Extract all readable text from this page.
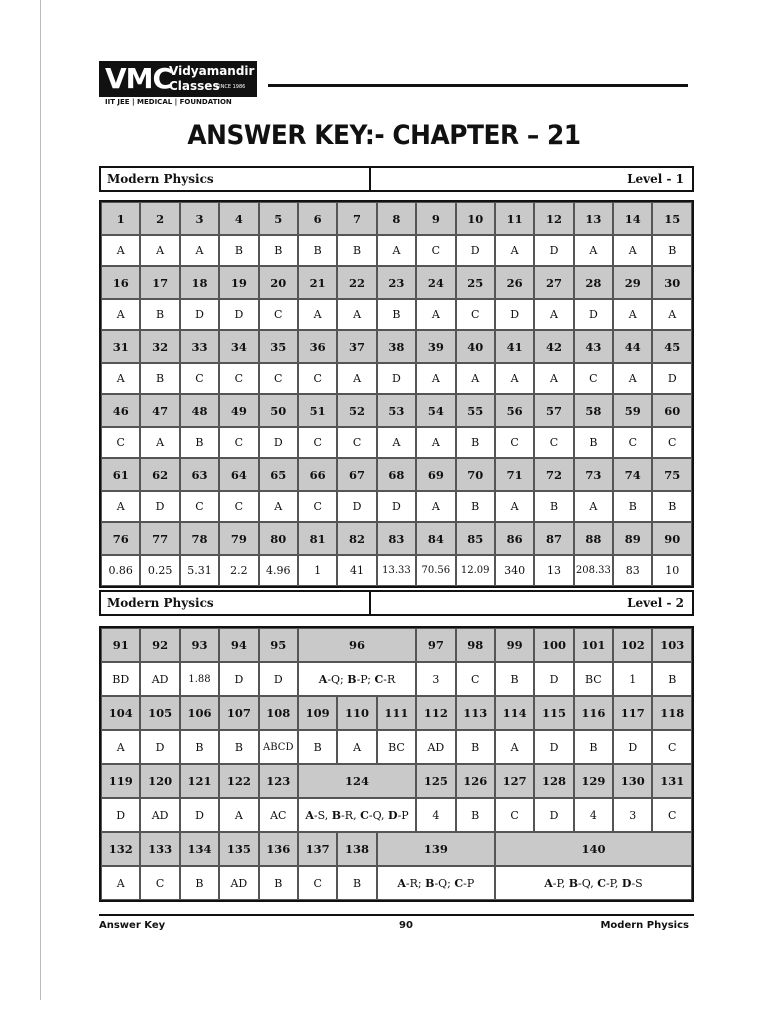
VMC
Vidyamandir
Classes
SINCE 1986
IIT JEE | MEDICAL | FOUNDATION
ANSWER KEY:- CHAPTER – 21
Modern Physics	Level - 1
1	2	3	4	5	6	7	8	9	10	11	12	13	14	15
A	A	A	B	B	B	B	A	C	D	A	D	A	A	B
16	17	18	19	20	21	22	23	24	25	26	27	28	29	30
A	B	D	D	C	A	A	B	A	C	D	A	D	A	A
31	32	33	34	35	36	37	38	39	40	41	42	43	44	45
A	B	C	C	C	C	A	D	A	A	A	A	C	A	D
46	47	48	49	50	51	52	53	54	55	56	57	58	59	60
C	A	B	C	D	C	C	A	A	B	C	C	B	C	C
61	62	63	64	65	66	67	68	69	70	71	72	73	74	75
A	D	C	C	A	C	D	D	A	B	A	B	A	B	B
76	77	78	79	80	81	82	83	84	85	86	87	88	89	90
0.86	0.25	5.31	2.2	4.96	1	41	13.33	70.56	12.09	340	13	208.33	83	10
Modern Physics	Level - 2
91	92	93	94	95	96			97	98	99	100	101	102	103
BD	AD	1.88	D	D	A-Q; B-P; C-R			3	C	B	D	BC	1	B
104	105	106	107	108	109	110	111	112	113	114	115	116	117	118
A	D	B	B	ABCD	B	A	BC	AD	B	A	D	B	D	C
119	120	121	122	123	124			125	126	127	128	129	130	131
D	AD	D	A	AC	A-S, B-R, C-Q, D-P			4	B	C	D	4	3	C
132	133	134	135	136	137	138	139			140				
A	C	B	AD	B	C	B	A-R; B-Q; C-P			A-P, B-Q, C-P, D-S				
Answer Key	90	Modern Physics
